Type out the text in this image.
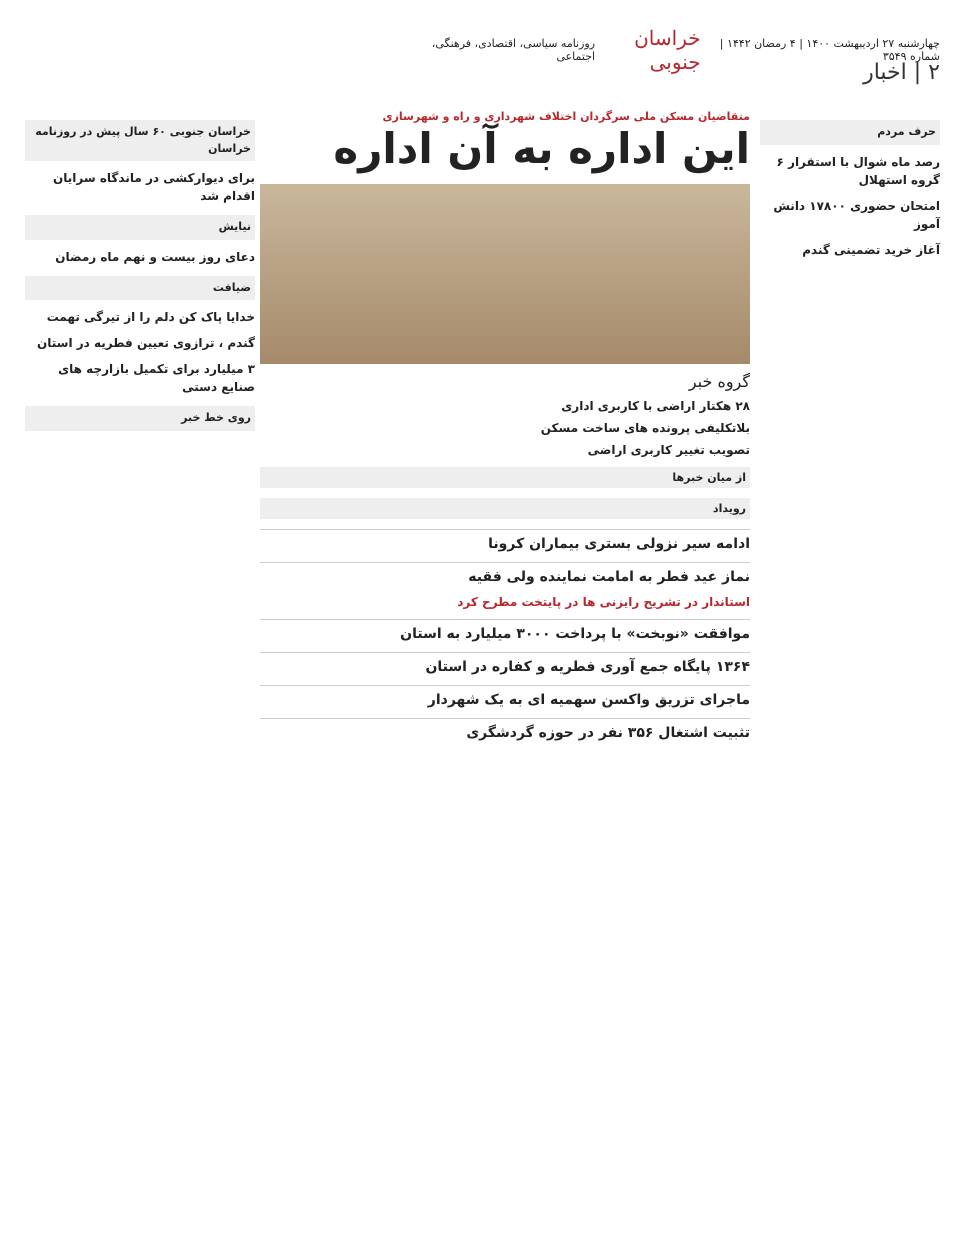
چهارشنبه ۲۷ اردیبهشت ۱۴۰۰ | ۴ رمضان ۱۴۴۲ | شماره ۳۵۴۹
خراسان جنوبی
روزنامه سیاسی، اقتصادی، فرهنگی، اجتماعی
۲ | اخبار
حرف مردم
رصد ماه شوال با استقرار ۶ گروه استهلال
امتحان حضوری ۱۷۸۰۰ دانش آموز
آغاز خرید تضمینی گندم
متقاضیان مسکن ملی سرگردان اختلاف شهرداری و راه و شهرسازی
این اداره به آن اداره
گروه خبر
۲۸ هکتار اراضی با کاربری اداری
بلاتکلیفی پرونده های ساخت مسکن
تصویب تغییر کاربری اراضی
از میان خبرها
رویداد
ادامه سیر نزولی بستری بیماران کرونا
نماز عید فطر به امامت نماینده ولی فقیه
استاندار در تشریح رایزنی ها در پایتخت مطرح کرد
موافقت «نوبخت» با پرداخت ۳۰۰۰ میلیارد به استان
۱۳۶۴ پایگاه جمع آوری فطریه و کفاره در استان
ماجرای تزریق واکسن سهمیه ای به یک شهردار
تثبیت اشتغال ۳۵۶ نفر در حوزه گردشگری
خراسان جنوبی ۶۰ سال پیش در روزنامه خراسان
برای دیوارکشی در ماندگاه سرایان اقدام شد
نیایش
دعای روز بیست و نهم ماه رمضان
ضیافت
خدایا پاک کن دلم را از تیرگی تهمت
گندم ، ترازوی تعیین فطریه در استان
۳ میلیارد برای تکمیل بازارچه های صنایع دستی
روی خط خبر
